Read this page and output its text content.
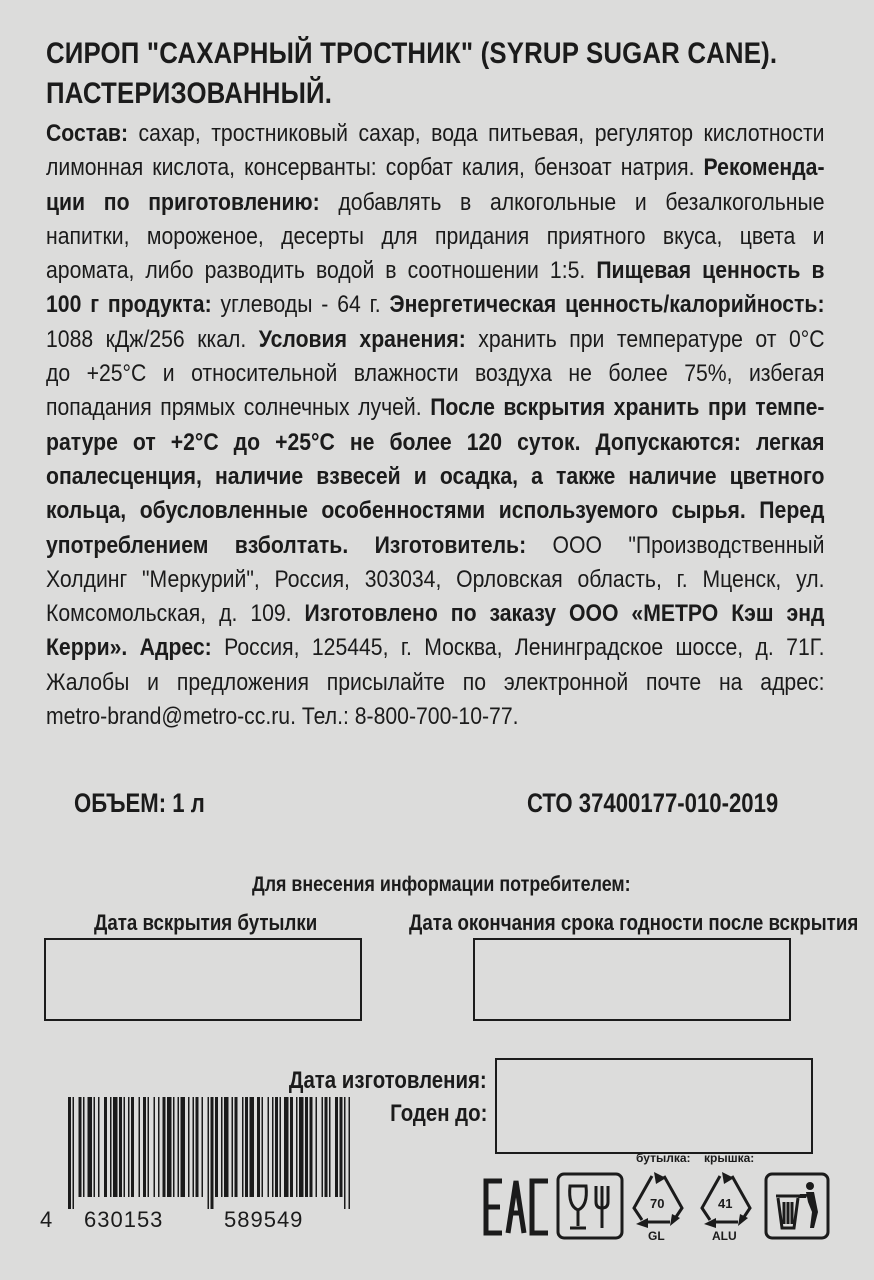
СИРОП "САХАРНЫЙ ТРОСТНИК" (SYRUP SUGAR CANE).
ПАСТЕРИЗОВАННЫЙ.
Состав: сахар, тростниковый сахар, вода питьевая, регулятор кислотности
лимонная кислота, консерванты: сорбат калия, бензоат натрия. Рекоменда-
ции по приготовлению: добавлять в алкогольные и безалкогольные
напитки, мороженое, десерты для придания приятного вкуса, цвета и
аромата, либо разводить водой в соотношении 1:5. Пищевая ценность в
100 г продукта: углеводы - 64 г. Энергетическая ценность/калорийность:
1088 кДж/256 ккал. Условия хранения: хранить при температуре от 0°С
до +25°С и относительной влажности воздуха не более 75%, избегая
попадания прямых солнечных лучей. После вскрытия хранить при темпе-
ратуре от +2°С до +25°С не более 120 суток. Допускаются: легкая
опалесценция, наличие взвесей и осадка, а также наличие цветного
кольца, обусловленные особенностями используемого сырья. Перед
употреблением взболтать. Изготовитель: ООО "Производственный
Холдинг "Меркурий", Россия, 303034, Орловская область, г. Мценск, ул.
Комсомольская, д. 109. Изготовлено по заказу ООО «МЕТРО Кэш энд
Керри». Адрес: Россия, 125445, г. Москва, Ленинградское шоссе, д. 71Г.
Жалобы и предложения присылайте по электронной почте на адрес:
metro-brand@metro-cc.ru. Тел.: 8-800-700-10-77.
ОБЪЕМ: 1 л	СТО 37400177-010-2019
Для внесения информации потребителем:
Дата вскрытия бутылки	Дата окончания срока годности после вскрытия
Дата изготовления:
Годен до:
4 630153	589549
бутылка: крышка:
70
GL
41
ALU
